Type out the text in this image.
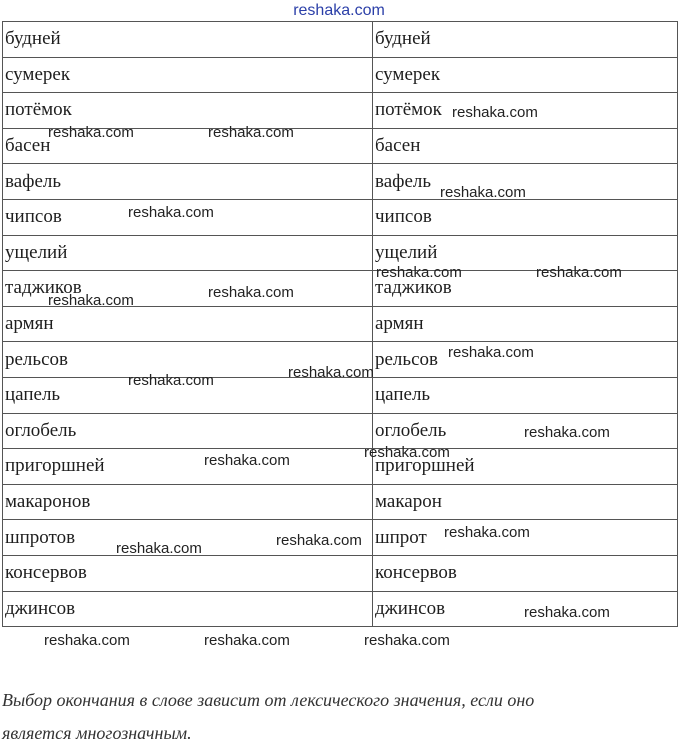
reshaka.com
будней	будней
сумерек	сумерек
потёмок	потёмок
басен	басен
вафель	вафель
чипсов	чипсов
ущелий	ущелий
таджиков	таджиков
армян	армян
рельсов	рельсов
цапель	цапель
оглобель	оглобель
пригоршней	пригоршней
макаронов	макарон
шпротов	шпрот
консервов	консервов
джинсов	джинсов
reshaka.com	reshaka.com
reshaka.com
reshaka.com
reshaka.com
reshaka.com	reshaka.com
reshaka.com	reshaka.com
reshaka.com
reshaka.com	reshaka.com
reshaka.com
reshaka.com	reshaka.com
reshaka.com	reshaka.com	reshaka.com
reshaka.com
reshaka.com	reshaka.com	reshaka.com
Выбор окончания в слове зависит от лексического значения, если оно
является многозначным.
